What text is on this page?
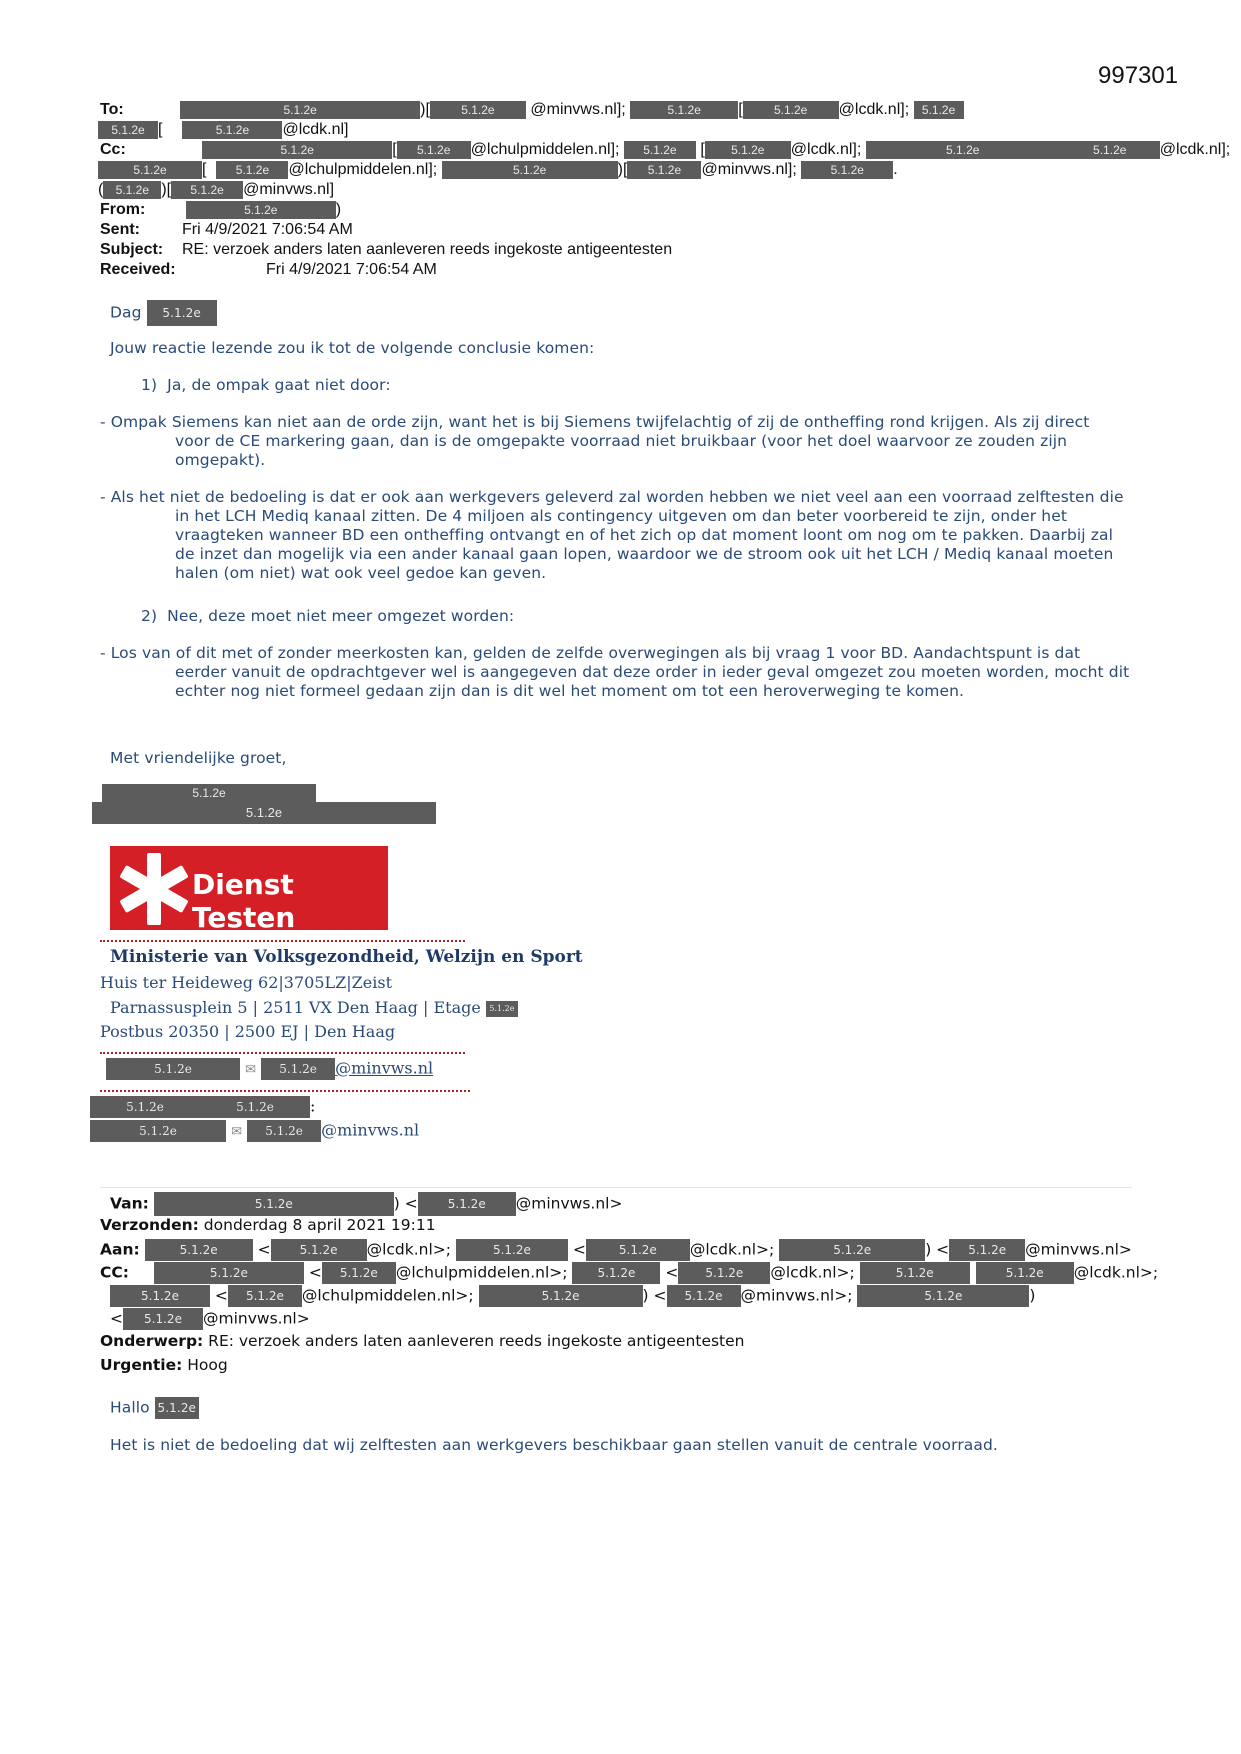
997301
To:	5.1.2e	)[	5.1.2e @minvws.nl];	5.1.2e [	5.1.2e @lcdk.nl]; 5.1.2e
5.1.2e [	5.1.2e @lcdk.nl]
Cc:	5.1.2e	[ 5.1.2e @lchulpmiddelen.nl]; 5.1.2e [ 5.1.2e @lcdk.nl];	5.1.2e	5.1.2e @lcdk.nl];
5.1.2e [ 5.1.2e @lchulpmiddelen.nl];	5.1.2e	)[ 5.1.2e @minvws.nl];	5.1.2e .
( 5.1.2e )[ 5.1.2e @minvws.nl]
From:	5.1.2e	)
Sent:	Fri 4/9/2021 7:06:54 AM
Subject: RE: verzoek anders laten aanleveren reeds ingekoste antigeentesten
Received:	Fri 4/9/2021 7:06:54 AM
Dag 5.1.2e
Jouw reactie lezende zou ik tot de volgende conclusie komen:
1)  Ja, de ompak gaat niet door:
- Ompak Siemens kan niet aan de orde zijn, want het is bij Siemens twijfelachtig of zij de ontheffing rond krijgen. Als zij direct
voor de CE markering gaan, dan is de omgepakte voorraad niet bruikbaar (voor het doel waarvoor ze zouden zijn
omgepakt).
- Als het niet de bedoeling is dat er ook aan werkgevers geleverd zal worden hebben we niet veel aan een voorraad zelftesten die
in het LCH Mediq kanaal zitten. De 4 miljoen als contingency uitgeven om dan beter voorbereid te zijn, onder het
vraagteken wanneer BD een ontheffing ontvangt en of het zich op dat moment loont om nog om te pakken. Daarbij zal
de inzet dan mogelijk via een ander kanaal gaan lopen, waardoor we de stroom ook uit het LCH / Mediq kanaal moeten
halen (om niet) wat ook veel gedoe kan geven.
2)  Nee, deze moet niet meer omgezet worden:
- Los van of dit met of zonder meerkosten kan, gelden de zelfde overwegingen als bij vraag 1 voor BD. Aandachtspunt is dat
eerder vanuit de opdrachtgever wel is aangegeven dat deze order in ieder geval omgezet zou moeten worden, mocht dit
echter nog niet formeel gedaan zijn dan is dit wel het moment om tot een heroverweging te komen.
Met vriendelijke groet,
5.1.2e
5.1.2e
Dienst Testen
Ministerie van Volksgezondheid, Welzijn en Sport
Huis ter Heideweg 62|3705LZ|Zeist
Parnassusplein 5 | 2511 VX Den Haag | Etage 5.1.2e
Postbus 20350 | 2500 EJ | Den Haag
5.1.2e	✉ 5.1.2e @minvws.nl
5.1.2e	5.1.2e :
5.1.2e	✉ 5.1.2e @minvws.nl
Van:	5.1.2e	) <	5.1.2e @minvws.nl>
Verzonden: donderdag 8 april 2021 19:11
Aan:	5.1.2e < 5.1.2e @lcdk.nl>;	5.1.2e <	5.1.2e @lcdk.nl>;	5.1.2e	) < 5.1.2e @minvws.nl>
CC:	5.1.2e	< 5.1.2e @lchulpmiddelen.nl>; 5.1.2e < 5.1.2e @lcdk.nl>;	5.1.2e	5.1.2e @lcdk.nl>;
5.1.2e < 5.1.2e @lchulpmiddelen.nl>;	5.1.2e	) < 5.1.2e @minvws.nl>;	5.1.2e	)
< 5.1.2e @minvws.nl>
Onderwerp: RE: verzoek anders laten aanleveren reeds ingekoste antigeentesten
Urgentie: Hoog
Hallo 5.1.2e
Het is niet de bedoeling dat wij zelftesten aan werkgevers beschikbaar gaan stellen vanuit de centrale voorraad.
